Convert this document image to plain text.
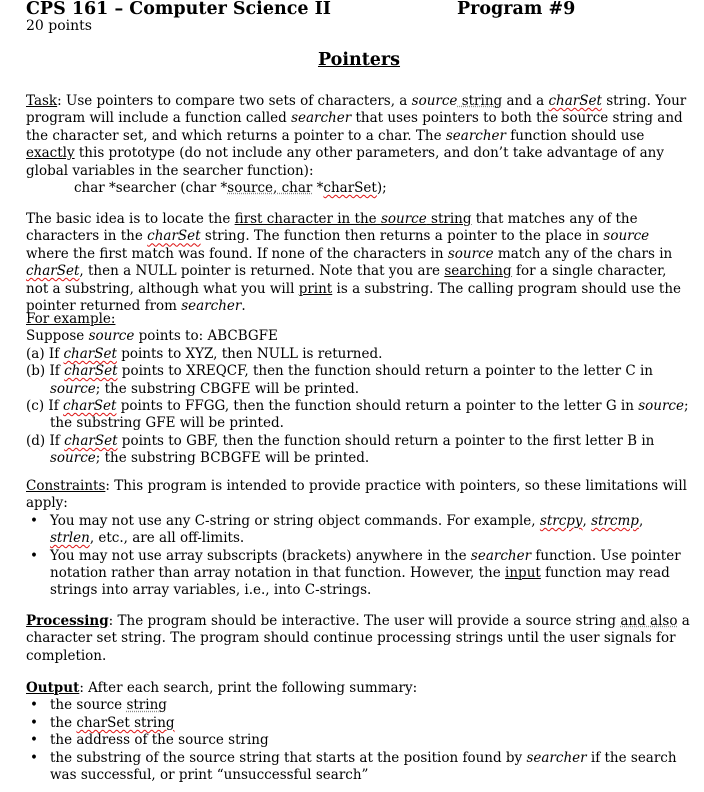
CPS 161 – Computer Science II	Program #9
20 points
Pointers

Task: Use pointers to compare two sets of characters, a source string and a charSet string. Your program will include a function called searcher that uses pointers to both the source string and the character set, and which returns a pointer to a char. The searcher function should use exactly this prototype (do not include any other parameters, and don’t take advantage of any global variables in the searcher function):

char *searcher (char *source, char *charSet);

The basic idea is to locate the first character in the source string that matches any of the characters in the charSet string. The function then returns a pointer to the place in source where the first match was found. If none of the characters in source match any of the chars in charSet, then a NULL pointer is returned. Note that you are searching for a single character, not a substring, although what you will print is a substring. The calling program should use the pointer returned from searcher.

For example:

Suppose source points to: ABCBGFE

(a) If charSet points to XYZ, then NULL is returned.

(b) If charSet points to XREQCF, then the function should return a pointer to the letter C in source; the substring CBGFE will be printed.

(c) If charSet points to FFGG, then the function should return a pointer to the letter G in source; the substring GFE will be printed.

(d) If charSet points to GBF, then the function should return a pointer to the first letter B in source; the substring BCBGFE will be printed.

Constraints: This program is intended to provide practice with pointers, so these limitations will apply:

• You may not use any C-string or string object commands. For example, strcpy, strcmp, strlen, etc., are all off-limits.
• You may not use array subscripts (brackets) anywhere in the searcher function. Use pointer notation rather than array notation in that function. However, the input function may read strings into array variables, i.e., into C-strings.

Processing: The program should be interactive. The user will provide a source string and also a character set string. The program should continue processing strings until the user signals for completion.

Output: After each search, print the following summary:

• the source string
• the charSet string
• the address of the source string
• the substring of the source string that starts at the position found by searcher if the search was successful, or print “unsuccessful search”
